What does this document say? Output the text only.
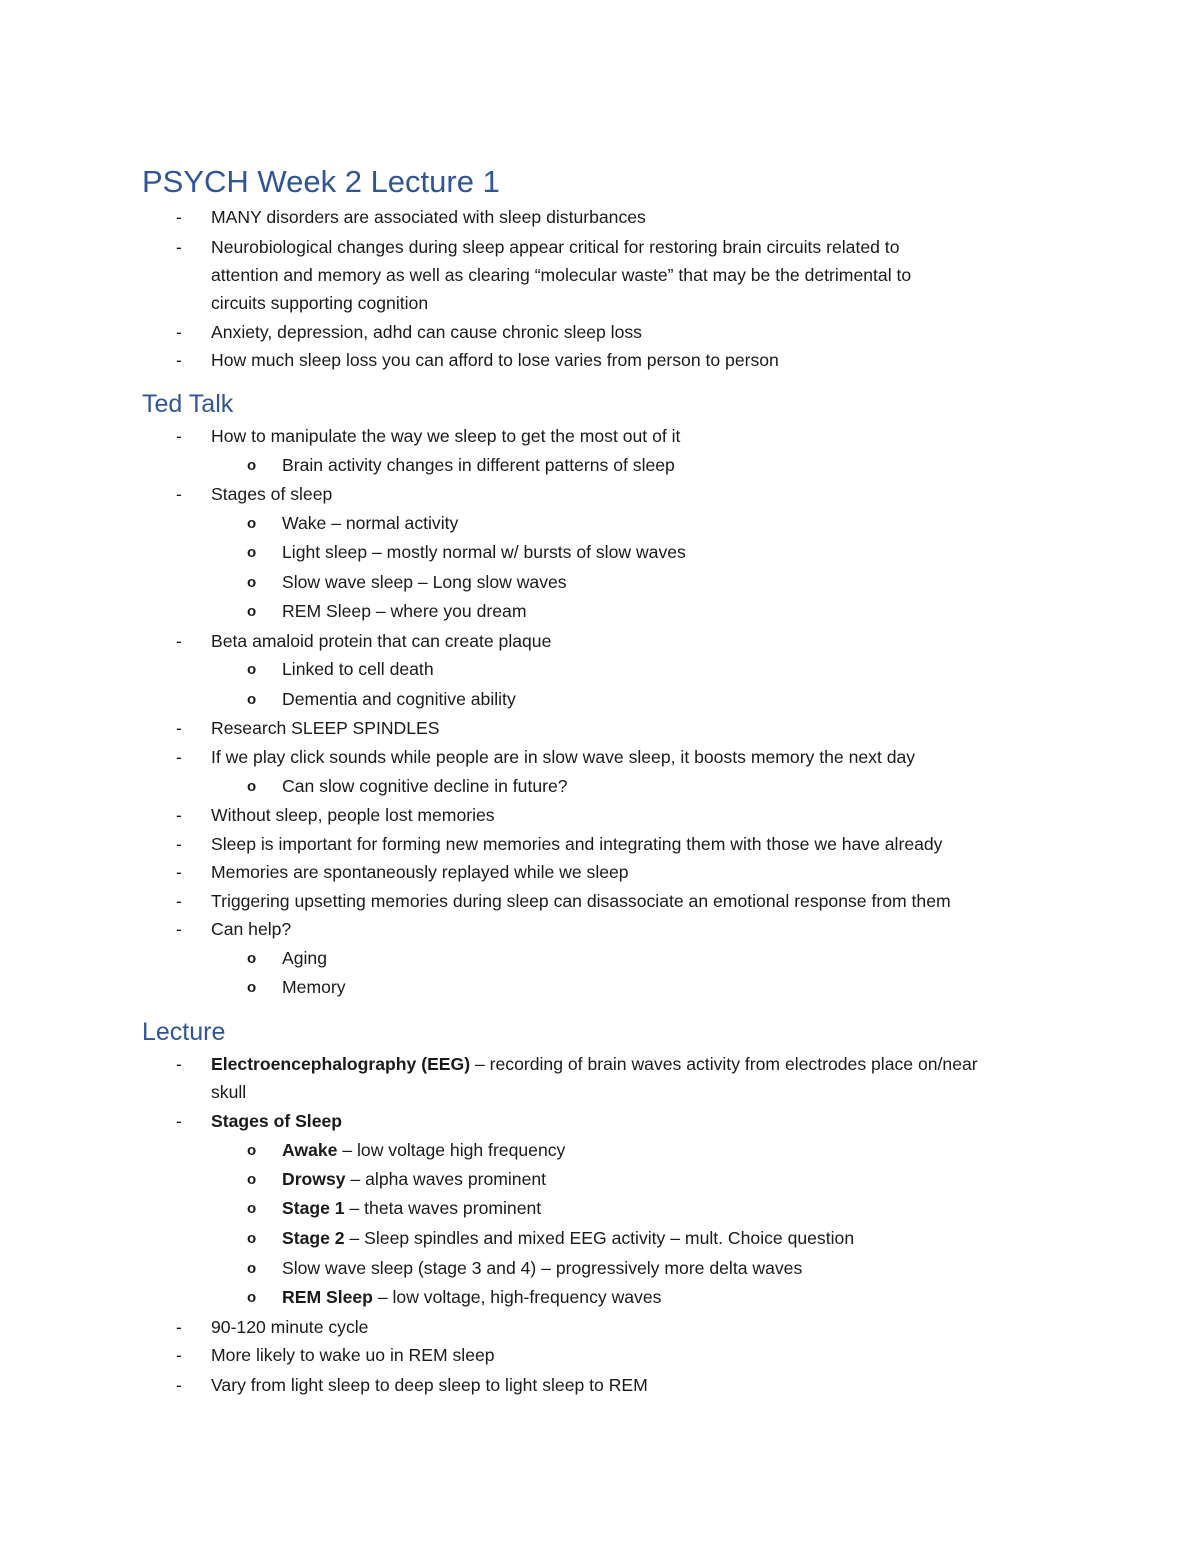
PSYCH Week 2 Lecture 1
- MANY disorders are associated with sleep disturbances
- Neurobiological changes during sleep appear critical for restoring brain circuits related to
attention and memory as well as clearing “molecular waste” that may be the detrimental to
circuits supporting cognition
- Anxiety, depression, adhd can cause chronic sleep loss
- How much sleep loss you can afford to lose varies from person to person
Ted Talk
- How to manipulate the way we sleep to get the most out of it
o Brain activity changes in different patterns of sleep
- Stages of sleep
o Wake – normal activity
o Light sleep – mostly normal w/ bursts of slow waves
o Slow wave sleep – Long slow waves
o REM Sleep – where you dream
- Beta amaloid protein that can create plaque
o Linked to cell death
o Dementia and cognitive ability
- Research SLEEP SPINDLES
- If we play click sounds while people are in slow wave sleep, it boosts memory the next day
o Can slow cognitive decline in future?
- Without sleep, people lost memories
- Sleep is important for forming new memories and integrating them with those we have already
- Memories are spontaneously replayed while we sleep
- Triggering upsetting memories during sleep can disassociate an emotional response from them
- Can help?
o Aging
o Memory
Lecture
- Electroencephalography (EEG) – recording of brain waves activity from electrodes place on/near
skull
- Stages of Sleep
o Awake – low voltage high frequency
o Drowsy – alpha waves prominent
o Stage 1 – theta waves prominent
o Stage 2 – Sleep spindles and mixed EEG activity – mult. Choice question
o Slow wave sleep (stage 3 and 4) – progressively more delta waves
o REM Sleep – low voltage, high-frequency waves
- 90-120 minute cycle
- More likely to wake uo in REM sleep
- Vary from light sleep to deep sleep to light sleep to REM
